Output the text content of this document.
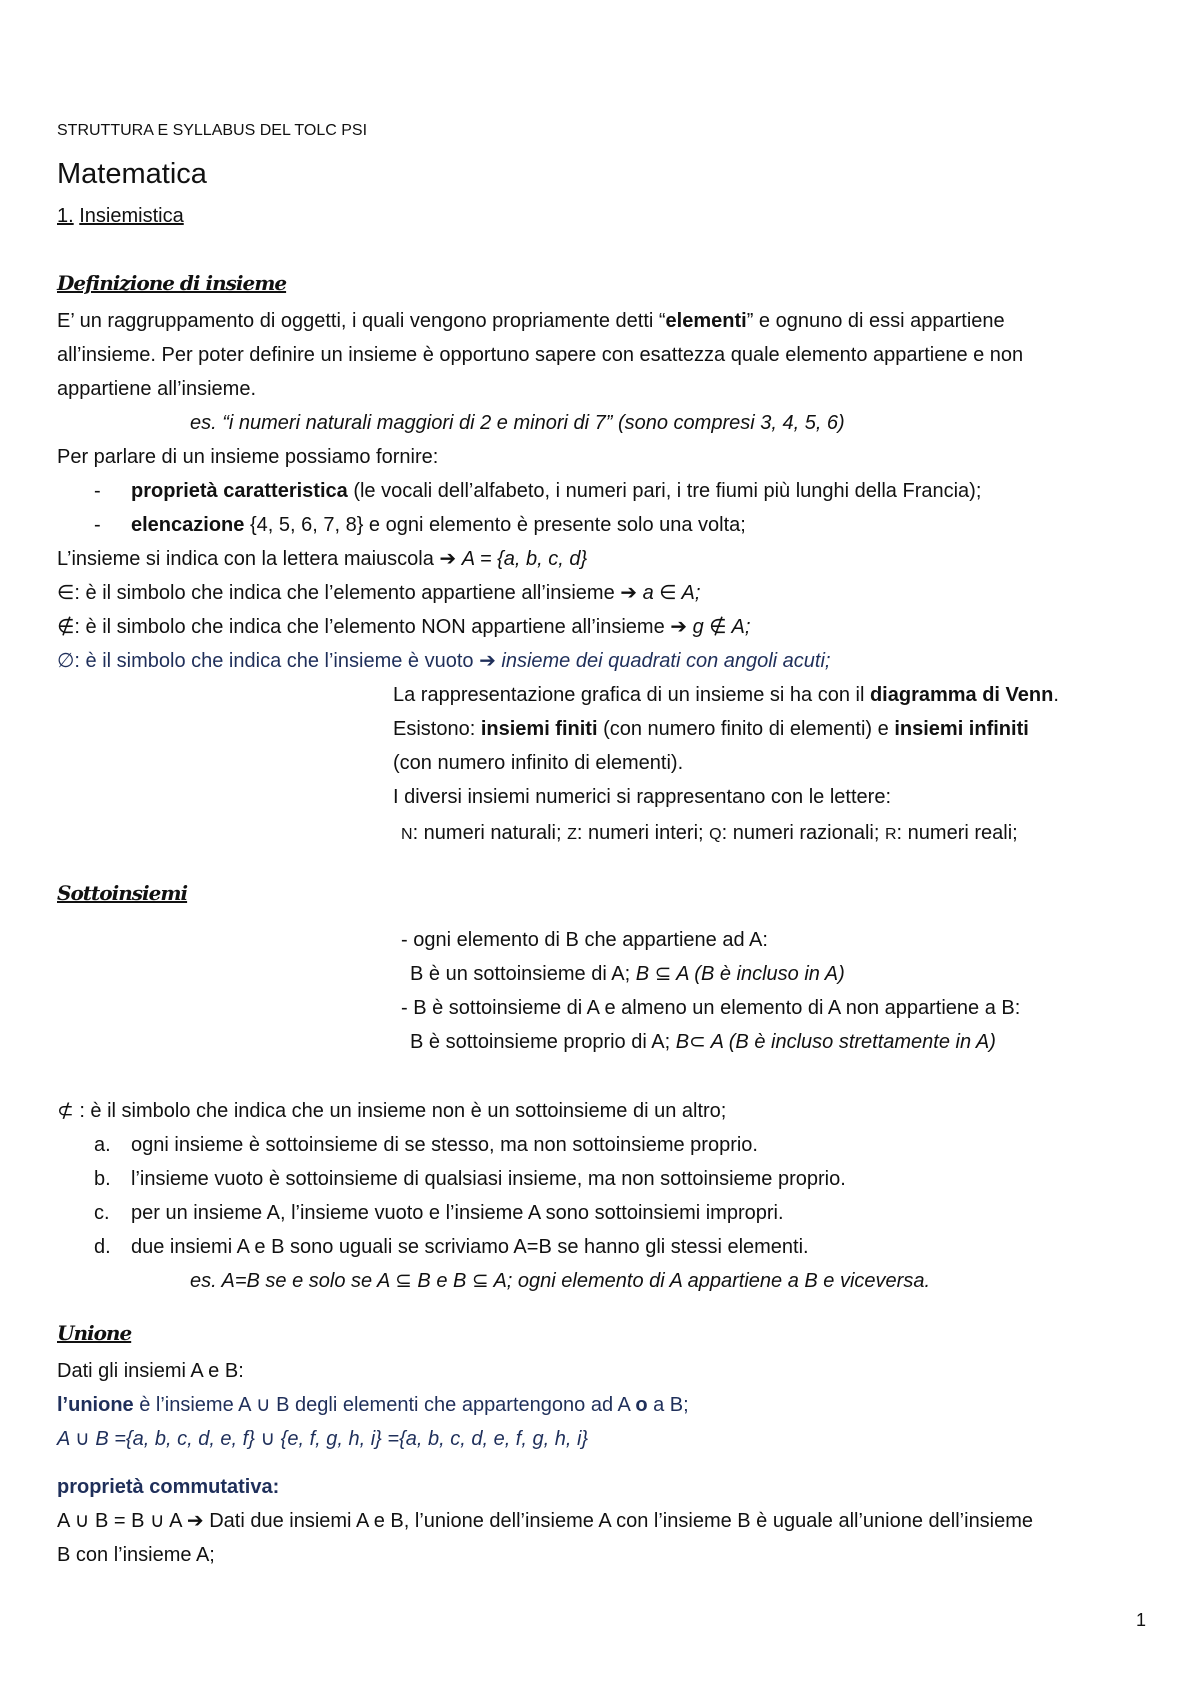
STRUTTURA E SYLLABUS DEL TOLC PSI
Matematica
1. Insiemistica
Definizione di insieme
E’ un raggruppamento di oggetti, i quali vengono propriamente detti “elementi” e ognuno di essi appartiene
all’insieme. Per poter definire un insieme è opportuno sapere con esattezza quale elemento appartiene e non
appartiene all’insieme.
es. “i numeri naturali maggiori di 2 e minori di 7” (sono compresi 3, 4, 5, 6)
Per parlare di un insieme possiamo fornire:
- proprietà caratteristica (le vocali dell’alfabeto, i numeri pari, i tre fiumi più lunghi della Francia);
- elencazione {4, 5, 6, 7, 8} e ogni elemento è presente solo una volta;
L’insieme si indica con la lettera maiuscola ➔ A = {a, b, c, d}
∈: è il simbolo che indica che l’elemento appartiene all’insieme ➔ a ∈ A;
∉: è il simbolo che indica che l’elemento NON appartiene all’insieme ➔ g ∉ A;
∅: è il simbolo che indica che l’insieme è vuoto ➔ insieme dei quadrati con angoli acuti;
La rappresentazione grafica di un insieme si ha con il diagramma di Venn.
Esistono: insiemi finiti (con numero finito di elementi) e insiemi infiniti
(con numero infinito di elementi).
I diversi insiemi numerici si rappresentano con le lettere:
N: numeri naturali; Z: numeri interi; Q: numeri razionali; R: numeri reali;
Sottoinsiemi
- ogni elemento di B che appartiene ad A:
B è un sottoinsieme di A; B ⊆ A (B è incluso in A)
- B è sottoinsieme di A e almeno un elemento di A non appartiene a B:
B è sottoinsieme proprio di A; B⊂ A (B è incluso strettamente in A)
⊄ : è il simbolo che indica che un insieme non è un sottoinsieme di un altro;
a. ogni insieme è sottoinsieme di se stesso, ma non sottoinsieme proprio.
b. l’insieme vuoto è sottoinsieme di qualsiasi insieme, ma non sottoinsieme proprio.
c. per un insieme A, l’insieme vuoto e l’insieme A sono sottoinsiemi impropri.
d. due insiemi A e B sono uguali se scriviamo A=B se hanno gli stessi elementi.
es. A=B se e solo se A ⊆ B e B ⊆ A; ogni elemento di A appartiene a B e viceversa.
Unione
Dati gli insiemi A e B:
l’unione è l’insieme A ∪ B degli elementi che appartengono ad A o a B;
A ∪ B ={a, b, c, d, e, f} ∪ {e, f, g, h, i} ={a, b, c, d, e, f, g, h, i}
proprietà commutativa:
A ∪ B = B ∪ A ➔ Dati due insiemi A e B, l’unione dell’insieme A con l’insieme B è uguale all’unione dell’insieme
B con l’insieme A;
1
